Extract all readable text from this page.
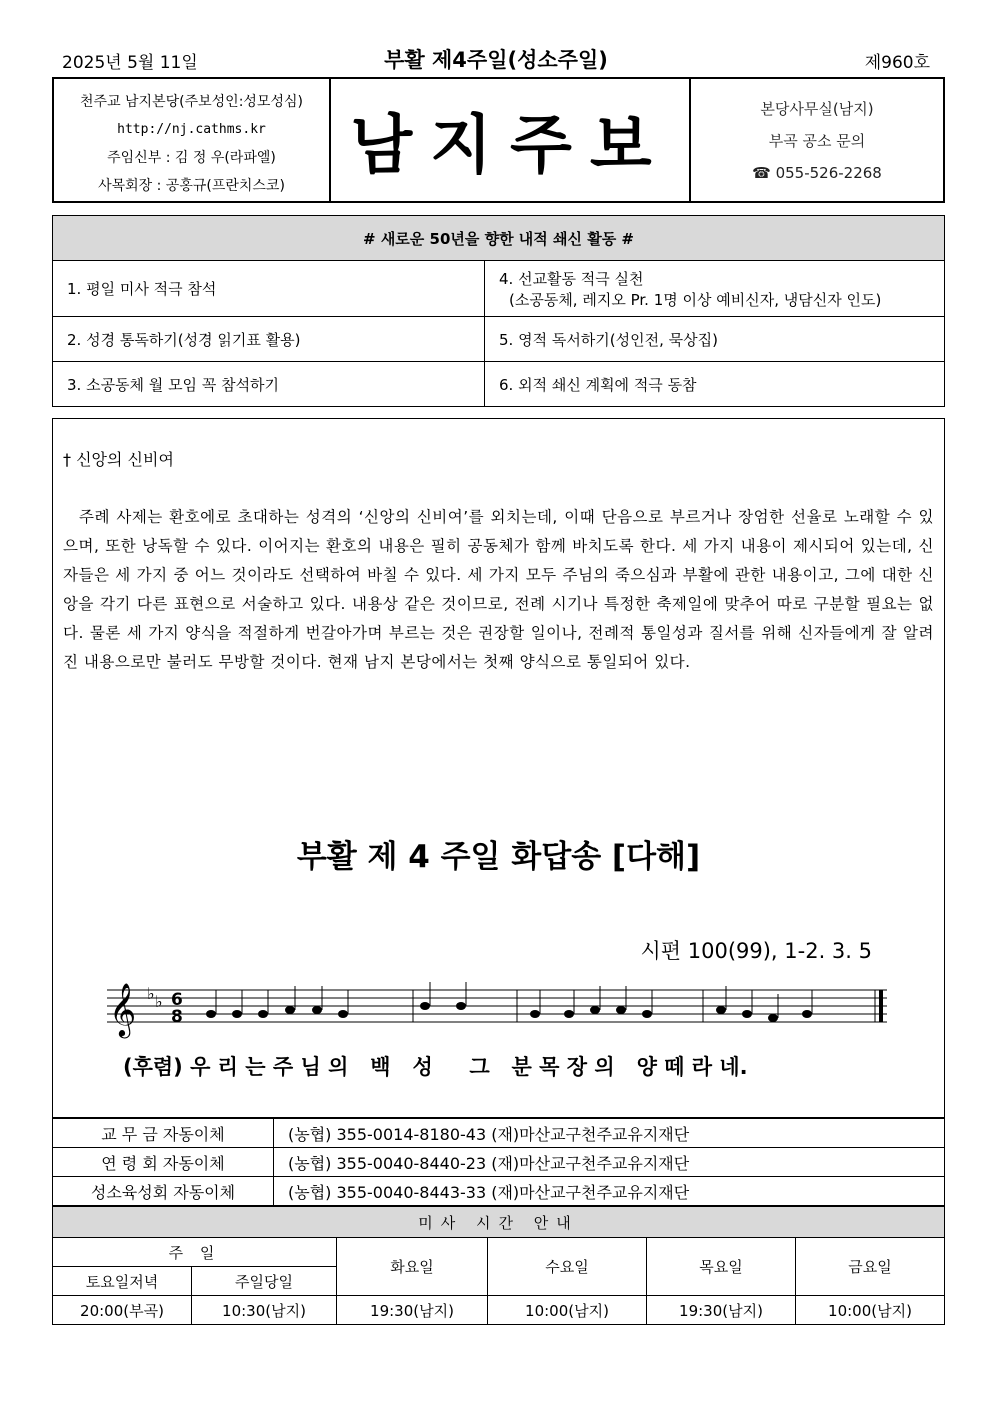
2025년 5월 11일	부활 제4주일(성소주일)	제960호
천주교 남지본당(주보성인:성모성심)
http://nj.cathms.kr
주임신부 : 김 정 우(라파엘)
사목회장 : 공홍규(프란치스코)
남지주보	본당사무실(남지)
부곡 공소 문의
☎ 055-526-2268
# 새로운 50년을 향한 내적 쇄신 활동 #	
1. 평일 미사 적극 참석	4. 선교활동 적극 실천
(소공동체, 레지오 Pr. 1명 이상 예비신자, 냉담신자 인도)

2. 성경 통독하기(성경 읽기표 활용)	5. 영적 독서하기(성인전, 묵상집)
3. 소공동체 월 모임 꼭 참석하기	6. 외적 쇄신 계획에 적극 동참
† 신앙의 신비여
주례 사제는 환호에로 초대하는 성격의 ‘신앙의 신비여’를 외치는데, 이때 단음으로 부르거나 장엄한 선율로 노래할 수 있으며, 또한 낭독할 수 있다. 이어지는 환호의 내용은 필히 공동체가 함께 바치도록 한다. 세 가지 내용이 제시되어 있는데, 신자들은 세 가지 중 어느 것이라도 선택하여 바칠 수 있다. 세 가지 모두 주님의 죽으심과 부활에 관한 내용이고, 그에 대한 신앙을 각기 다른 표현으로 서술하고 있다. 내용상 같은 것이므로, 전례 시기나 특정한 축제일에 맞추어 따로 구분할 필요는 없다. 물론 세 가지 양식을 적절하게 번갈아가며 부르는 것은 권장할 일이나, 전례적 통일성과 질서를 위해 신자들에게 잘 알려진 내용으로만 불러도 무방할 것이다. 현재 남지 본당에서는 첫째 양식으로 통일되어 있다.
부활 제 4 주일 화답송 [다해]
시편 100(99), 1-2. 3. 5
𝄞 ♭ ♭ 6
8
(후렴) 우 리 는 주 님 의   백   성     그   분 목 장 의   양 떼 라 네.
교 무 금 자동이체	(농협) 355-0014-8180-43 (재)마산교구천주교유지재단
연 령 회 자동이체	(농협) 355-0040-8440-23 (재)마산교구천주교유지재단
성소육성회 자동이체	(농협) 355-0040-8443-33 (재)마산교구천주교유지재단
미사 시간 안내					
주 일		화요일	수요일	목요일	금요일
토요일저녁	주일당일				
20:00(부곡)	10:30(남지)	19:30(남지)	10:00(남지)	19:30(남지)	10:00(남지)
